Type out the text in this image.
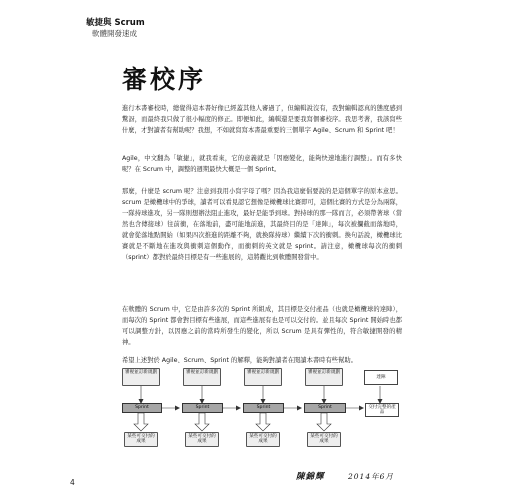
敏捷與 Scrum
軟體開發速成
審校序

進行本書審校時，總覺得這本書好像已經蓋其他人審過了，但編輯說沒有，我對編輯認真的態度感到驚訝，而最終我只做了很小幅度的修正。即便如此，編輯還是要我寫個審校序。我思考著，我該寫些什麼，才對讀者有幫助呢？我想，不如就寫寫本書最重要的三個單字 Agile、Scrum 和 Sprint 吧！

Agile，中文翻為「敏捷」，就我看來，它的意義就是「因應變化，能夠快速地進行調整」。而有多快呢？在 Scrum 中，調整的週期最快大概是一個 Sprint。

那麼，什麼是 scrum 呢？注意到我用小寫字母了嗎？因為我這麼倡要說的是這個單字的原本意思。scrum 是橄欖球中的爭球，讀者可以看見認它想像是橄欖球比賽即可，這個比賽的方式是分為兩隊，一隊持球進攻，另一隊則想辦法阻止進攻，最好是能爭到球。對持球的那一隊而言，必須帶著球（當然也含傳接球）往前衝，在落地前，盡可能地前進，其最終目的是「達陣」，每次被攔截而落地時，就會從落地點開始（如果四次推進的距離不夠，就換隊持球）繼續下次的衝刺。換句話說，橄欖球比賽就是不斷地在進攻與衝刺這個動作，而衝刺的英文就是 sprint。請注意，橄欖球每次的衝刺（sprint）都對於最終目標是有一些進展的，這將觀比到軟體開發當中。

在軟體的 Scrum 中，它是由許多次的 Sprint 所組成，其目標是交付產品（也就是橄欖球的達陣），而每次的 Sprint 都會對目標有些進展，而這些進展有也是可以交付的。並且每次 Sprint 開始時也都可以調整方針，以因應之前的當時所發生的變化，所以 Scrum 是具有彈性的，符合敏捷開發的精神。

希望上述對於 Agile、Scrum、Sprint 的解釋，能夠對讀者在閱讀本書時有些幫助。

審視並訂新規劃	審視並訂新規劃	審視並訂新規劃	審視並訂新規劃
達陣
Sprint	Sprint	Sprint	Sprint	交付完整的產品
某些可交付的成果
某些可交付的成果
某些可交付的成果
某些可交付的成果
陳錦輝	2014年6月
4
